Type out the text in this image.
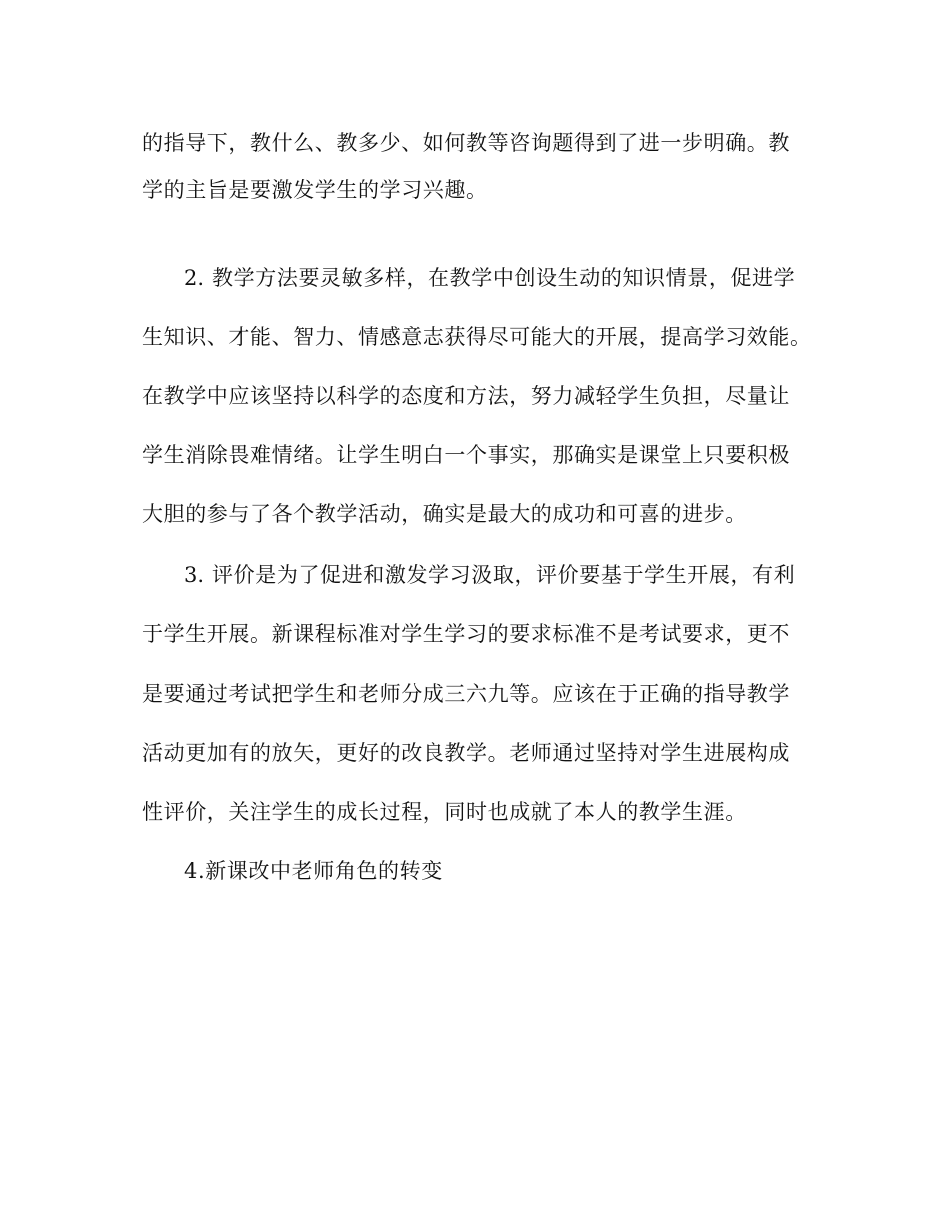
的指导下，教什么、教多少、如何教等咨询题得到了进一步明确。教
学的主旨是要激发学生的学习兴趣。
2. 教学方法要灵敏多样，在教学中创设生动的知识情景，促进学
生知识、才能、智力、情感意志获得尽可能大的开展，提高学习效能。
在教学中应该坚持以科学的态度和方法，努力减轻学生负担，尽量让
学生消除畏难情绪。让学生明白一个事实，那确实是课堂上只要积极
大胆的参与了各个教学活动，确实是最大的成功和可喜的进步。
3. 评价是为了促进和激发学习汲取，评价要基于学生开展，有利
于学生开展。新课程标准对学生学习的要求标准不是考试要求，更不
是要通过考试把学生和老师分成三六九等。应该在于正确的指导教学
活动更加有的放矢，更好的改良教学。老师通过坚持对学生进展构成
性评价，关注学生的成长过程，同时也成就了本人的教学生涯。
4.新课改中老师角色的转变
